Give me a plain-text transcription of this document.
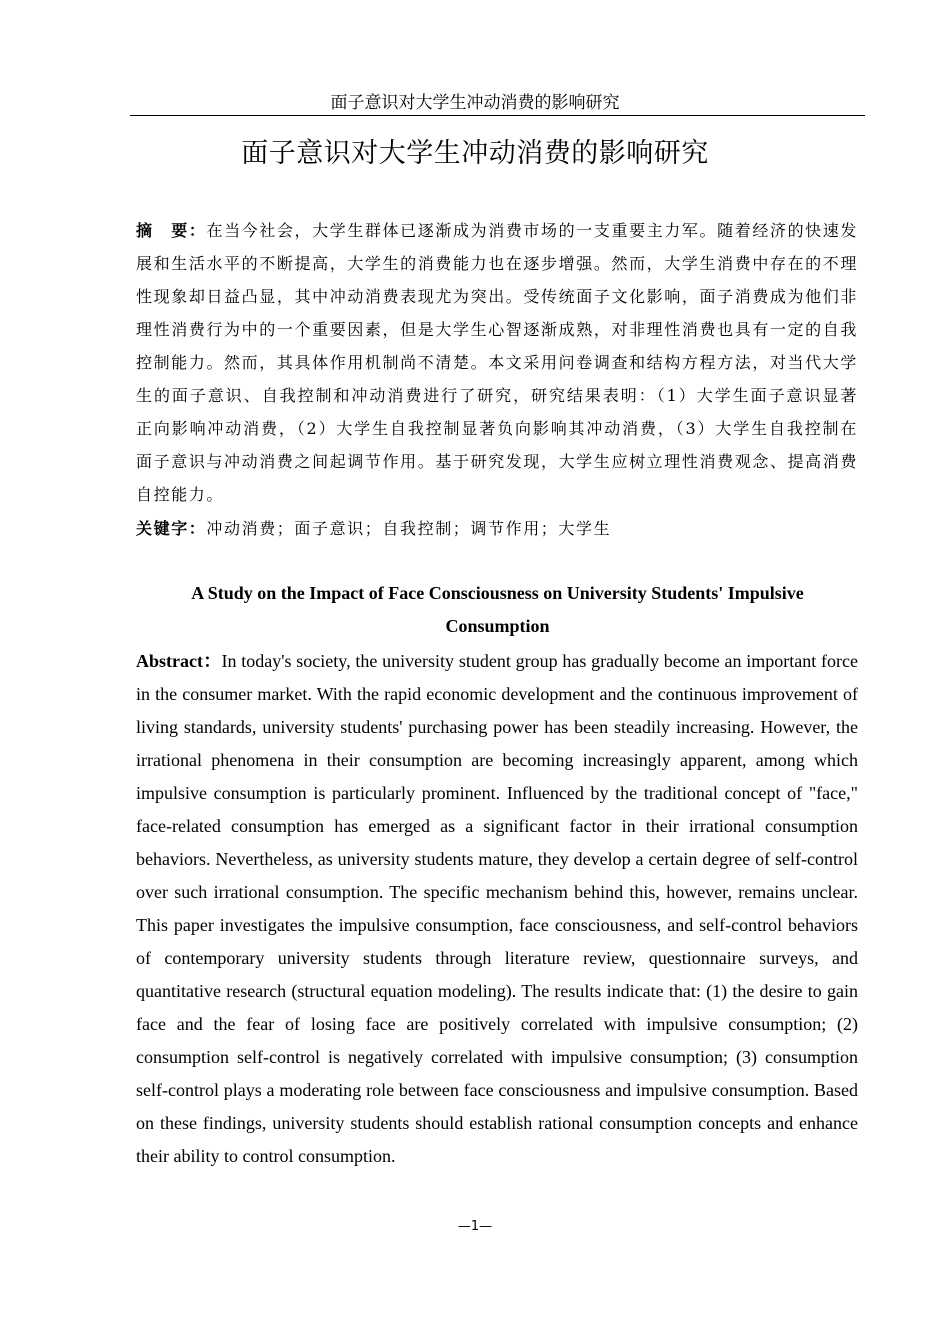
面子意识对大学生冲动消费的影响研究
面子意识对大学生冲动消费的影响研究

摘　要：在当今社会，大学生群体已逐渐成为消费市场的一支重要主力军。随着经济的快速发展和生活水平的不断提高，大学生的消费能力也在逐步增强。然而，大学生消费中存在的不理性现象却日益凸显，其中冲动消费表现尤为突出。受传统面子文化影响，面子消费成为他们非理性消费行为中的一个重要因素，但是大学生心智逐渐成熟，对非理性消费也具有一定的自我控制能力。然而，其具体作用机制尚不清楚。本文采用问卷调查和结构方程方法，对当代大学生的面子意识、自我控制和冲动消费进行了研究，研究结果表明：（1）大学生面子意识显著正向影响冲动消费，（2）大学生自我控制显著负向影响其冲动消费，（3）大学生自我控制在面子意识与冲动消费之间起调节作用。基于研究发现，大学生应树立理性消费观念、提高消费自控能力。

关键字：冲动消费；面子意识；自我控制；调节作用；大学生

A Study on the Impact of Face Consciousness on University Students' Impulsive Consumption

Abstract：In today's society, the university student group has gradually become an important force in the consumer market. With the rapid economic development and the continuous improvement of living standards, university students' purchasing power has been steadily increasing. However, the irrational phenomena in their consumption are becoming increasingly apparent, among which impulsive consumption is particularly prominent. Influenced by the traditional concept of "face," face-related consumption has emerged as a significant factor in their irrational consumption behaviors. Nevertheless, as university students mature, they develop a certain degree of self-control over such irrational consumption. The specific mechanism behind this, however, remains unclear. This paper investigates the impulsive consumption, face consciousness, and self-control behaviors of contemporary university students through literature review, questionnaire surveys, and quantitative research (structural equation modeling). The results indicate that: (1) the desire to gain face and the fear of losing face are positively correlated with impulsive consumption; (2) consumption self-control is negatively correlated with impulsive consumption; (3) consumption self-control plays a moderating role between face consciousness and impulsive consumption. Based on these findings, university students should establish rational consumption concepts and enhance their ability to control consumption.

—1—
